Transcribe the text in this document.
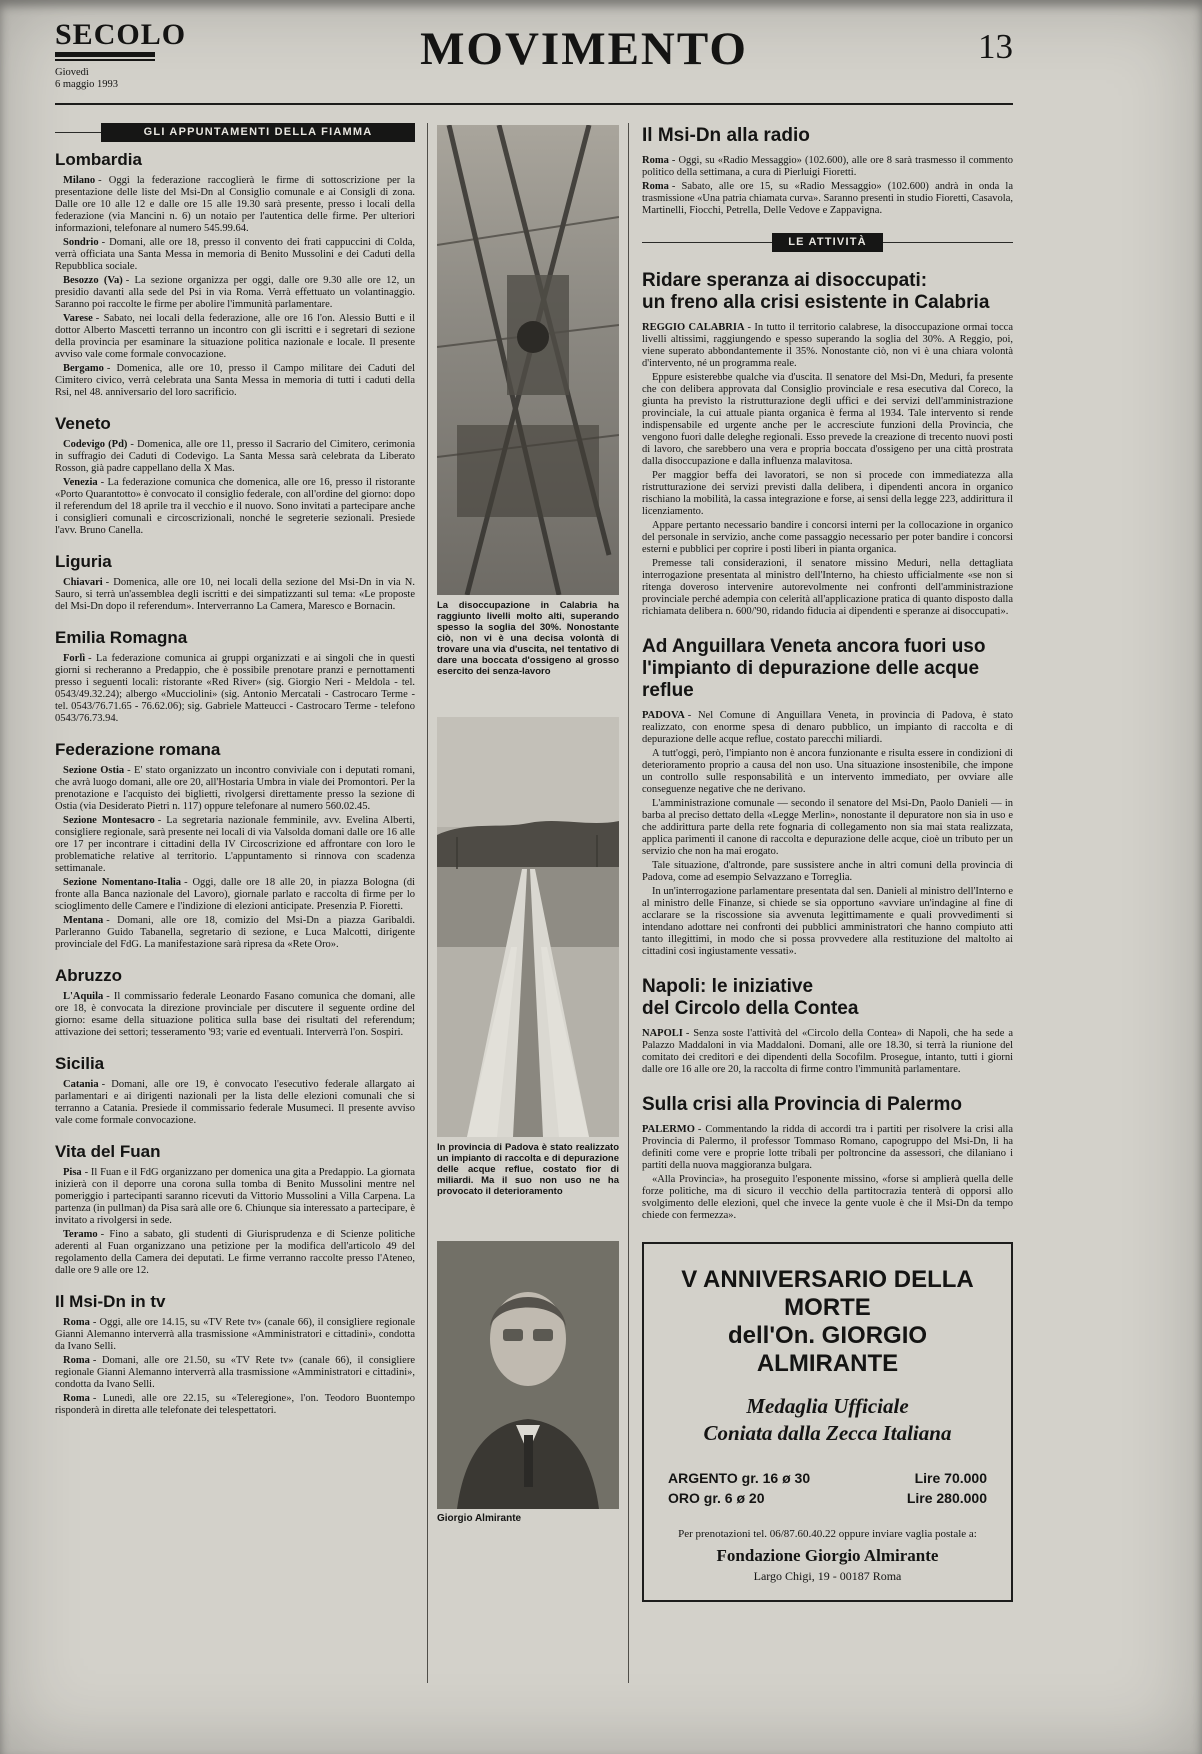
SECOLO
Giovedì
6 maggio 1993
MOVIMENTO	13
GLI APPUNTAMENTI DELLA FIAMMA
Lombardia

Milano - Oggi la federazione raccoglierà le firme di sottoscrizione per la presentazione delle liste del Msi-Dn al Consiglio comunale e ai Consigli di zona. Dalle ore 10 alle 12 e dalle ore 15 alle 19.30 sarà presente, presso i locali della federazione (via Mancini n. 6) un notaio per l'autentica delle firme. Per ulteriori informazioni, telefonare al numero 545.99.64.

Sondrio - Domani, alle ore 18, presso il convento dei frati cappuccini di Colda, verrà officiata una Santa Messa in memoria di Benito Mussolini e dei Caduti della Repubblica sociale.

Besozzo (Va) - La sezione organizza per oggi, dalle ore 9.30 alle ore 12, un presidio davanti alla sede del Psi in via Roma. Verrà effettuato un volantinaggio. Saranno poi raccolte le firme per abolire l'immunità parlamentare.

Varese - Sabato, nei locali della federazione, alle ore 16 l'on. Alessio Butti e il dottor Alberto Mascetti terranno un incontro con gli iscritti e i segretari di sezione della provincia per esaminare la situazione politica nazionale e locale. Il presente avviso vale come formale convocazione.

Bergamo - Domenica, alle ore 10, presso il Campo militare dei Caduti del Cimitero civico, verrà celebrata una Santa Messa in memoria di tutti i caduti della Rsi, nel 48. anniversario del loro sacrificio.

Veneto

Codevigo (Pd) - Domenica, alle ore 11, presso il Sacrario del Cimitero, cerimonia in suffragio dei Caduti di Codevigo. La Santa Messa sarà celebrata da Liberato Rosson, già padre cappellano della X Mas.

Venezia - La federazione comunica che domenica, alle ore 16, presso il ristorante «Porto Quarantotto» è convocato il consiglio federale, con all'ordine del giorno: dopo il referendum del 18 aprile tra il vecchio e il nuovo. Sono invitati a partecipare anche i consiglieri comunali e circoscrizionali, nonché le segreterie sezionali. Presiede l'avv. Bruno Canella.

Liguria

Chiavari - Domenica, alle ore 10, nei locali della sezione del Msi-Dn in via N. Sauro, si terrà un'assemblea degli iscritti e dei simpatizzanti sul tema: «Le proposte del Msi-Dn dopo il referendum». Interverranno La Camera, Maresco e Bornacin.

Emilia Romagna

Forlì - La federazione comunica ai gruppi organizzati e ai singoli che in questi giorni si recheranno a Predappio, che è possibile prenotare pranzi e pernottamenti presso i seguenti locali: ristorante «Red River» (sig. Giorgio Neri - Meldola - tel. 0543/49.32.24); albergo «Mucciolini» (sig. Antonio Mercatali - Castrocaro Terme - tel. 0543/76.71.65 - 76.62.06); sig. Gabriele Matteucci - Castrocaro Terme - telefono 0543/76.73.94.

Federazione romana

Sezione Ostia - E' stato organizzato un incontro conviviale con i deputati romani, che avrà luogo domani, alle ore 20, all'Hostaria Umbra in viale dei Promontori. Per la prenotazione e l'acquisto dei biglietti, rivolgersi direttamente presso la sezione di Ostia (via Desiderato Pietri n. 117) oppure telefonare al numero 560.02.45.

Sezione Montesacro - La segretaria nazionale femminile, avv. Evelina Alberti, consigliere regionale, sarà presente nei locali di via Valsolda domani dalle ore 16 alle ore 17 per incontrare i cittadini della IV Circoscrizione ed affrontare con loro le problematiche relative al territorio. L'appuntamento si rinnova con scadenza settimanale.

Sezione Nomentano-Italia - Oggi, dalle ore 18 alle 20, in piazza Bologna (di fronte alla Banca nazionale del Lavoro), giornale parlato e raccolta di firme per lo scioglimento delle Camere e l'indizione di elezioni anticipate. Presenzia P. Fioretti.

Mentana - Domani, alle ore 18, comizio del Msi-Dn a piazza Garibaldi. Parleranno Guido Tabanella, segretario di sezione, e Luca Malcotti, dirigente provinciale del FdG. La manifestazione sarà ripresa da «Rete Oro».

Abruzzo

L'Aquila - Il commissario federale Leonardo Fasano comunica che domani, alle ore 18, è convocata la direzione provinciale per discutere il seguente ordine del giorno: esame della situazione politica sulla base dei risultati del referendum; attivazione dei settori; tesseramento '93; varie ed eventuali. Interverrà l'on. Sospiri.

Sicilia

Catania - Domani, alle ore 19, è convocato l'esecutivo federale allargato ai parlamentari e ai dirigenti nazionali per la lista delle elezioni comunali che si terranno a Catania. Presiede il commissario federale Musumeci. Il presente avviso vale come formale convocazione.

Vita del Fuan

Pisa - Il Fuan e il FdG organizzano per domenica una gita a Predappio. La giornata inizierà con il deporre una corona sulla tomba di Benito Mussolini mentre nel pomeriggio i partecipanti saranno ricevuti da Vittorio Mussolini a Villa Carpena. La partenza (in pullman) da Pisa sarà alle ore 6. Chiunque sia interessato a partecipare, è invitato a rivolgersi in sede.

Teramo - Fino a sabato, gli studenti di Giurisprudenza e di Scienze politiche aderenti al Fuan organizzano una petizione per la modifica dell'articolo 49 del regolamento della Camera dei deputati. Le firme verranno raccolte presso l'Ateneo, dalle ore 9 alle ore 12.

Il Msi-Dn in tv

Roma - Oggi, alle ore 14.15, su «TV Rete tv» (canale 66), il consigliere regionale Gianni Alemanno interverrà alla trasmissione «Amministratori e cittadini», condotta da Ivano Selli.

Roma - Domani, alle ore 21.50, su «TV Rete tv» (canale 66), il consigliere regionale Gianni Alemanno interverrà alla trasmissione «Amministratori e cittadini», condotta da Ivano Selli.

Roma - Lunedì, alle ore 22.15, su «Teleregione», l'on. Teodoro Buontempo risponderà in diretta alle telefonate dei telespettatori.

La disoccupazione in Calabria ha raggiunto livelli molto alti, superando spesso la soglia del 30%. Nonostante ciò, non vi è una decisa volontà di trovare una via d'uscita, nel tentativo di dare una boccata d'ossigeno al grosso esercito dei senza-lavoro

In provincia di Padova è stato realizzato un impianto di raccolta e di depurazione delle acque reflue, costato fior di miliardi. Ma il suo non uso ne ha provocato il deterioramento

Giorgio Almirante

Il Msi-Dn alla radio

Roma - Oggi, su «Radio Messaggio» (102.600), alle ore 8 sarà trasmesso il commento politico della settimana, a cura di Pierluigi Fioretti.

Roma - Sabato, alle ore 15, su «Radio Messaggio» (102.600) andrà in onda la trasmissione «Una patria chiamata curva». Saranno presenti in studio Fioretti, Casavola, Martinelli, Fiocchi, Petrella, Delle Vedove e Zappavigna.

LE ATTIVITÀ
Ridare speranza ai disoccupati:
un freno alla crisi esistente in Calabria

REGGIO CALABRIA - In tutto il territorio calabrese, la disoccupazione ormai tocca livelli altissimi, raggiungendo e spesso superando la soglia del 30%. A Reggio, poi, viene superato abbondantemente il 35%. Nonostante ciò, non vi è una chiara volontà d'intervento, né un programma reale.

Eppure esisterebbe qualche via d'uscita. Il senatore del Msi-Dn, Meduri, fa presente che con delibera approvata dal Consiglio provinciale e resa esecutiva dal Coreco, la giunta ha previsto la ristrutturazione degli uffici e dei servizi dell'amministrazione provinciale, la cui attuale pianta organica è ferma al 1934. Tale intervento si rende indispensabile ed urgente anche per le accresciute funzioni della Provincia, che vengono fuori dalle deleghe regionali. Esso prevede la creazione di trecento nuovi posti di lavoro, che sarebbero una vera e propria boccata d'ossigeno per una città prostrata dalla disoccupazione e dalla influenza malavitosa.

Per maggior beffa dei lavoratori, se non si procede con immediatezza alla ristrutturazione dei servizi previsti dalla delibera, i dipendenti ancora in organico rischiano la mobilità, la cassa integrazione e forse, ai sensi della legge 223, addirittura il licenziamento.

Appare pertanto necessario bandire i concorsi interni per la collocazione in organico del personale in servizio, anche come passaggio necessario per poter bandire i concorsi esterni e pubblici per coprire i posti liberi in pianta organica.

Premesse tali considerazioni, il senatore missino Meduri, nella dettagliata interrogazione presentata al ministro dell'Interno, ha chiesto ufficialmente «se non si ritenga doveroso intervenire autorevolmente nei confronti dell'amministrazione provinciale perché adempia con celerità all'applicazione pratica di quanto disposto dalla richiamata delibera n. 600/'90, ridando fiducia ai dipendenti e speranze ai disoccupati».

Ad Anguillara Veneta ancora fuori uso
l'impianto di depurazione delle acque reflue

PADOVA - Nel Comune di Anguillara Veneta, in provincia di Padova, è stato realizzato, con enorme spesa di denaro pubblico, un impianto di raccolta e di depurazione delle acque reflue, costato parecchi miliardi.

A tutt'oggi, però, l'impianto non è ancora funzionante e risulta essere in condizioni di deterioramento proprio a causa del non uso. Una situazione insostenibile, che impone un controllo sulle responsabilità e un intervento immediato, per ovviare alle conseguenze negative che ne derivano.

L'amministrazione comunale — secondo il senatore del Msi-Dn, Paolo Danieli — in barba al preciso dettato della «Legge Merlin», nonostante il depuratore non sia in uso e che addirittura parte della rete fognaria di collegamento non sia mai stata realizzata, applica parimenti il canone di raccolta e depurazione delle acque, cioè un tributo per un servizio che non ha mai erogato.

Tale situazione, d'altronde, pare sussistere anche in altri comuni della provincia di Padova, come ad esempio Selvazzano e Torreglia.

In un'interrogazione parlamentare presentata dal sen. Danieli al ministro dell'Interno e al ministro delle Finanze, si chiede se sia opportuno «avviare un'indagine al fine di acclarare se la riscossione sia avvenuta legittimamente e quali provvedimenti si intendano adottare nei confronti dei pubblici amministratori che hanno compiuto atti tanto illegittimi, in modo che si possa provvedere alla restituzione del maltolto ai cittadini così ingiustamente vessati».

Napoli: le iniziative
del Circolo della Contea

NAPOLI - Senza soste l'attività del «Circolo della Contea» di Napoli, che ha sede a Palazzo Maddaloni in via Maddaloni. Domani, alle ore 18.30, si terrà la riunione del comitato dei creditori e dei dipendenti della Socofilm. Prosegue, intanto, tutti i giorni dalle ore 16 alle ore 20, la raccolta di firme contro l'immunità parlamentare.

Sulla crisi alla Provincia di Palermo

PALERMO - Commentando la ridda di accordi tra i partiti per risolvere la crisi alla Provincia di Palermo, il professor Tommaso Romano, capogruppo del Msi-Dn, li ha definiti come vere e proprie lotte tribali per poltroncine da assessori, che dilaniano i partiti della nuova maggioranza bulgara.

«Alla Provincia», ha proseguito l'esponente missino, «forse si amplierà quella delle forze politiche, ma di sicuro il vecchio della partitocrazia tenterà di opporsi allo svolgimento delle elezioni, quel che invece la gente vuole è che il Msi-Dn da tempo chiede con fermezza».

V ANNIVERSARIO DELLA MORTE
dell'On. GIORGIO ALMIRANTE
Medaglia Ufficiale
Coniata dalla Zecca Italiana
ARGENTO gr. 16 ø 30
ORO gr. 6 ø 20
Lire 70.000
Lire 280.000
Per prenotazioni tel. 06/87.60.40.22 oppure inviare vaglia postale a:
Fondazione Giorgio Almirante
Largo Chigi, 19 - 00187 Roma
